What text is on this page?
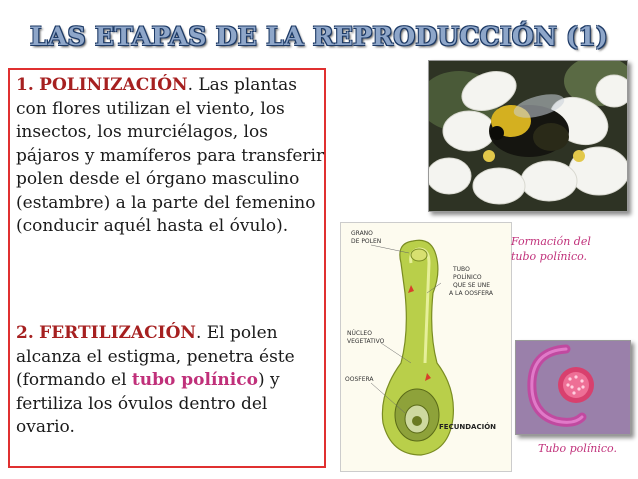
LAS ETAPAS DE LA REPRODUCCIÓN (1)
1. POLINIZACIÓN. Las plantas con flores utilizan el viento, los insectos, los murciélagos, los pájaros y mamíferos para transferir polen desde el órgano masculino (estambre) a la parte del femenino (conducir aquél hasta el óvulo).
2. FERTILIZACIÓN. El polen alcanza el estigma, penetra éste (formando el tubo polínico) y fertiliza los óvulos dentro del ovario.
GRANO
DE POLEN
TUBO
POLÍNICO
QUE SE UNE
A LA OOSFERA
NÚCLEO
VEGETATIVO
OOSFERA
FECUNDACIÓN
Formación del
tubo polínico.
Tubo polínico.
